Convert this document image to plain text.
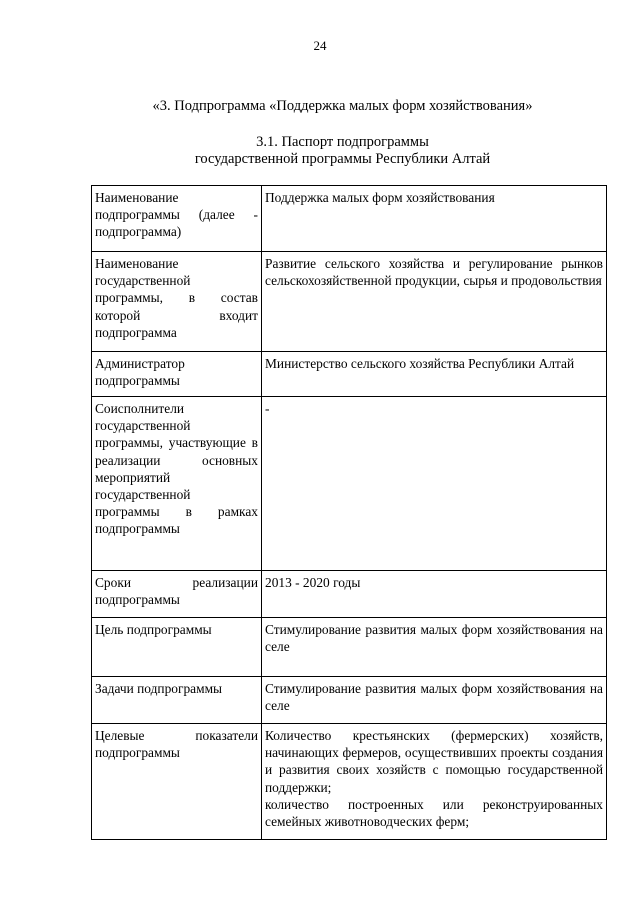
24
«3. Подпрограмма «Поддержка малых форм хозяйствования»
3.1. Паспорт подпрограммы
государственной программы Республики Алтай
Наименование подпрограммы (далее - подпрограмма)	Поддержка малых форм хозяйствования

Наименование государственной программы, в состав которой входит подпрограмма	Развитие сельского хозяйства и регулирование рынков сельскохозяйственной продукции, сырья и продовольствия

Администратор подпрограммы	Министерство сельского хозяйства Республики Алтай

Соисполнители государственной программы, участвующие в реализации основных мероприятий государственной программы в рамках подпрограммы	-

Сроки реализации подпрограммы	2013 - 2020 годы

Цель подпрограммы	Стимулирование развития малых форм хозяйствования на селе

Задачи подпрограммы	Стимулирование развития малых форм хозяйствования на селе

Целевые показатели подпрограммы	Количество крестьянских (фермерских) хозяйств, начинающих фермеров, осуществивших проекты создания и развития своих хозяйств с помощью государственной поддержки;
количество построенных или реконструированных семейных животноводческих ферм;
